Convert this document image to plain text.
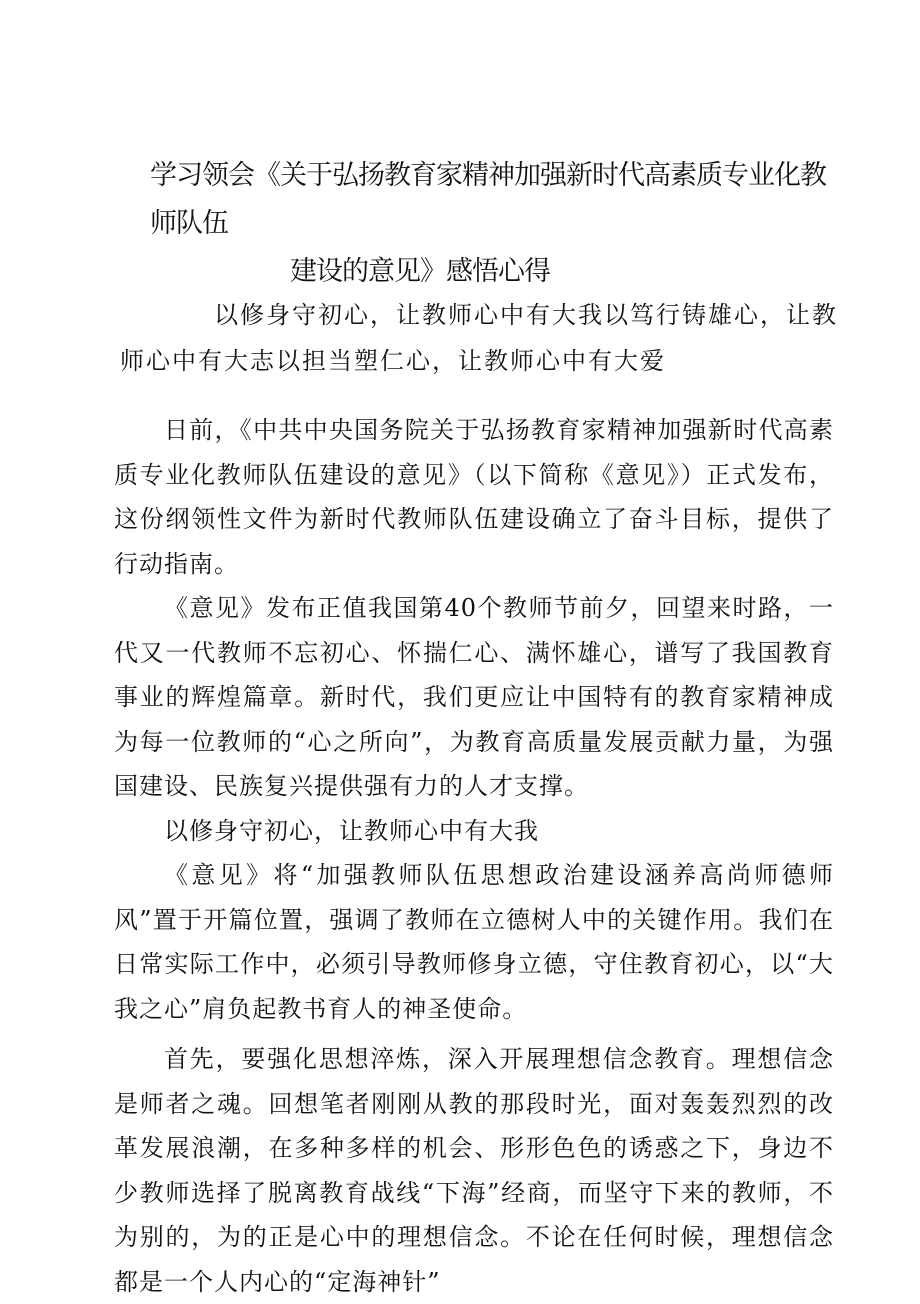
学习领会《关于弘扬教育家精神加强新时代高素质专业化教师队伍
建设的意见》感悟心得

以修身守初心，让教师心中有大我以笃行铸雄心，让教师心中有大志以担当塑仁心，让教师心中有大爱

日前，《中共中央国务院关于弘扬教育家精神加强新时代高素质专业化教师队伍建设的意见》（以下简称《意见》）正式发布，这份纲领性文件为新时代教师队伍建设确立了奋斗目标，提供了行动指南。

《意见》发布正值我国第40个教师节前夕，回望来时路，一代又一代教师不忘初心、怀揣仁心、满怀雄心，谱写了我国教育事业的辉煌篇章。新时代，我们更应让中国特有的教育家精神成为每一位教师的“心之所向”，为教育高质量发展贡献力量，为强国建设、民族复兴提供强有力的人才支撑。

以修身守初心，让教师心中有大我

《意见》将“加强教师队伍思想政治建设涵养高尚师德师风”置于开篇位置，强调了教师在立德树人中的关键作用。我们在日常实际工作中，必须引导教师修身立德，守住教育初心，以“大我之心”肩负起教书育人的神圣使命。

首先，要强化思想淬炼，深入开展理想信念教育。理想信念是师者之魂。回想笔者刚刚从教的那段时光，面对轰轰烈烈的改革发展浪潮，在多种多样的机会、形形色色的诱惑之下，身边不少教师选择了脱离教育战线“下海”经商，而坚守下来的教师，不为别的，为的正是心中的理想信念。不论在任何时候，理想信念都是一个人内心的“定海神针”
